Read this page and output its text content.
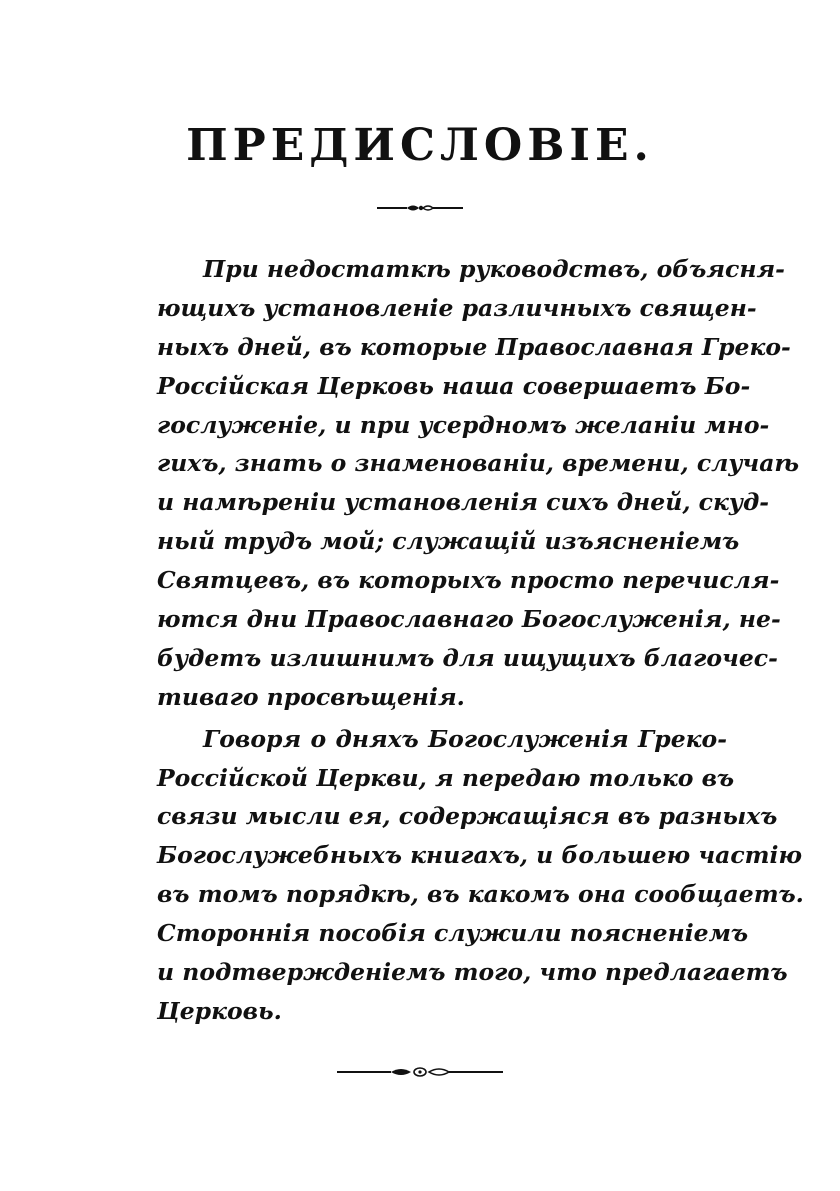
ПРЕДИСЛОВІЕ.
При недостаткѣ руководствъ, объясня-
ющихъ установленіе различныхъ священ-
ныхъ дней, въ которые Православная Греко-
Россійская Церковь наша совершаетъ Бо-
гослуженіе, и при усердномъ желаніи мно-
гихъ, знать о знаменованіи, времени, случаѣ
и намѣреніи установленія сихъ дней, скуд-
ный трудъ мой; служащій изъясненіемъ
Святцевъ, въ которыхъ просто перечисля-
ются дни Православнаго Богослуженія, не-
будетъ излишнимъ для ищущихъ благочес-
тиваго просвѣщенія.
Говоря о дняхъ Богослуженія Греко-
Россійской Церкви, я передаю только въ
связи мысли ея, содержащіяся въ разныхъ
Богослужебныхъ книгахъ, и большею частію
въ томъ порядкѣ, въ какомъ она сообщаетъ.
Стороннія пособія служили поясненіемъ
и подтвержденіемъ того, что предлагаетъ
Церковь.
